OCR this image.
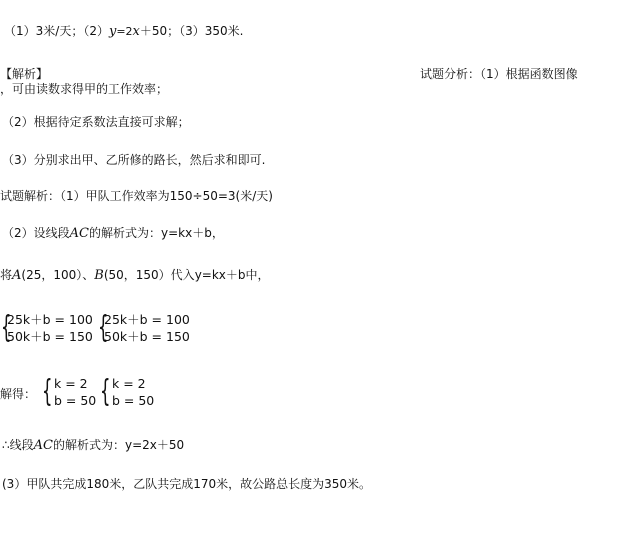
（1）3米/天；（2）y=2x＋50；（3）350米.
【解析】	试题分析：（1）根据函数图像
，可由读数求得甲的工作效率；
（2）根据待定系数法直接可求解；
（3）分别求出甲、乙所修的路长，然后求和即可.
试题解析：（1）甲队工作效率为150÷50=3(米/天)
（2）设线段AC的解析式为：y=kx＋b，
将A(25，100）、B(50，150）代入y=kx＋b中，
{
25k＋b = 100
50k＋b = 150 {
25k＋b = 100
50k＋b = 150
解得： { k = 2
b = 50 { k = 2
b = 50
∴线段AC的解析式为：y=2x＋50
(3）甲队共完成180米，乙队共完成170米，故公路总长度为350米。
